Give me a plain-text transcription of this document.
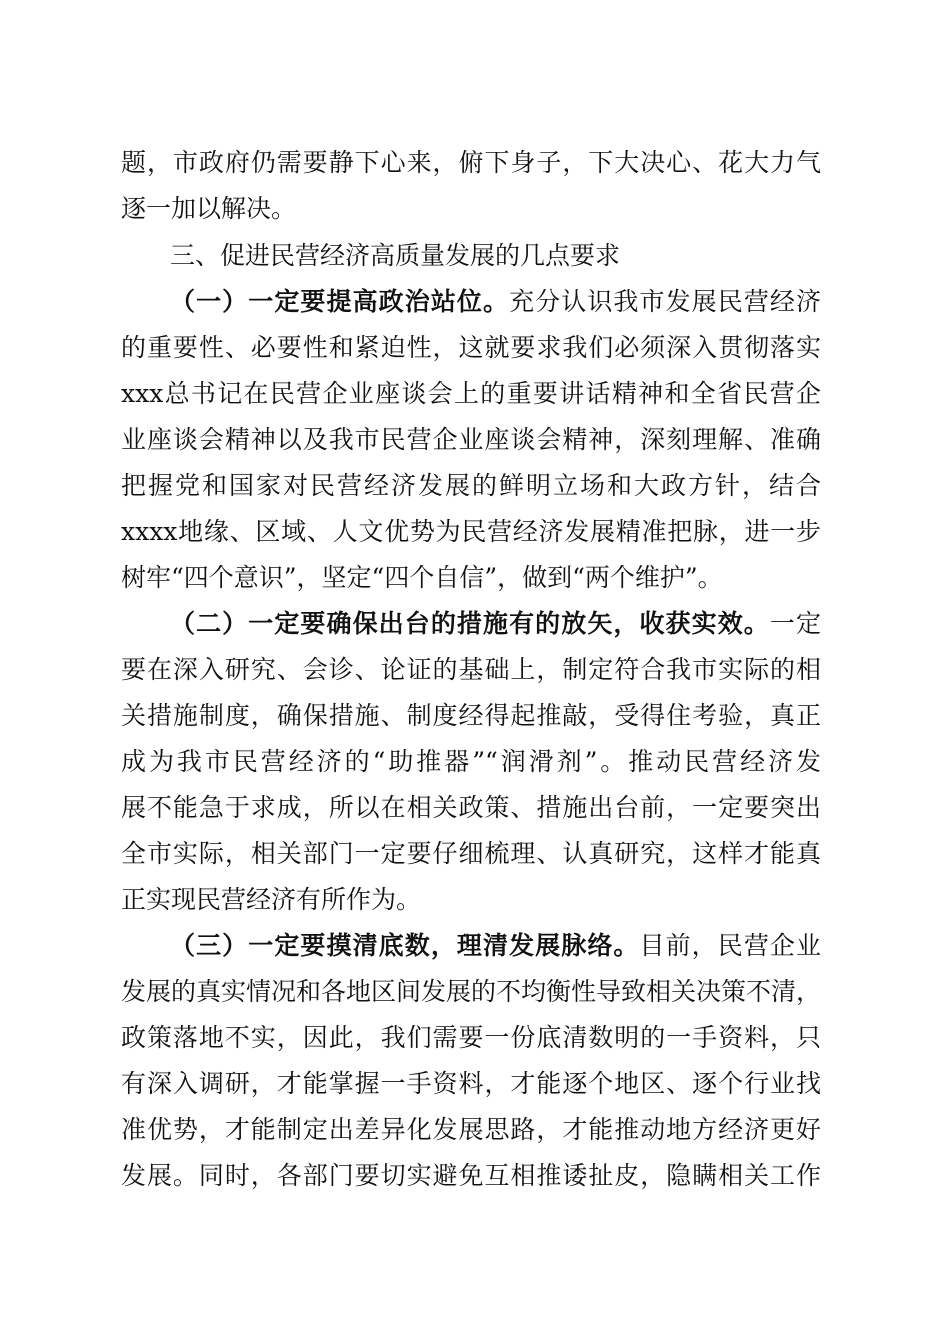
题，市政府仍需要静下心来，俯下身子，下大决心、花大力气
逐一加以解决。
三、促进民营经济高质量发展的几点要求
（一）一定要提高政治站位。充分认识我市发展民营经济
的重要性、必要性和紧迫性，这就要求我们必须深入贯彻落实
xxx总书记在民营企业座谈会上的重要讲话精神和全省民营企
业座谈会精神以及我市民营企业座谈会精神，深刻理解、准确
把握党和国家对民营经济发展的鲜明立场和大政方针，结合
xxxx地缘、区域、人文优势为民营经济发展精准把脉，进一步
树牢“四个意识”，坚定“四个自信”，做到“两个维护”。
（二）一定要确保出台的措施有的放矢，收获实效。一定
要在深入研究、会诊、论证的基础上，制定符合我市实际的相
关措施制度，确保措施、制度经得起推敲，受得住考验，真正
成为我市民营经济的“助推器”“润滑剂”。推动民营经济发
展不能急于求成，所以在相关政策、措施出台前，一定要突出
全市实际，相关部门一定要仔细梳理、认真研究，这样才能真
正实现民营经济有所作为。
（三）一定要摸清底数，理清发展脉络。目前，民营企业
发展的真实情况和各地区间发展的不均衡性导致相关决策不清，
政策落地不实，因此，我们需要一份底清数明的一手资料，只
有深入调研，才能掌握一手资料，才能逐个地区、逐个行业找
准优势，才能制定出差异化发展思路，才能推动地方经济更好
发展。同时，各部门要切实避免互相推诿扯皮，隐瞒相关工作
